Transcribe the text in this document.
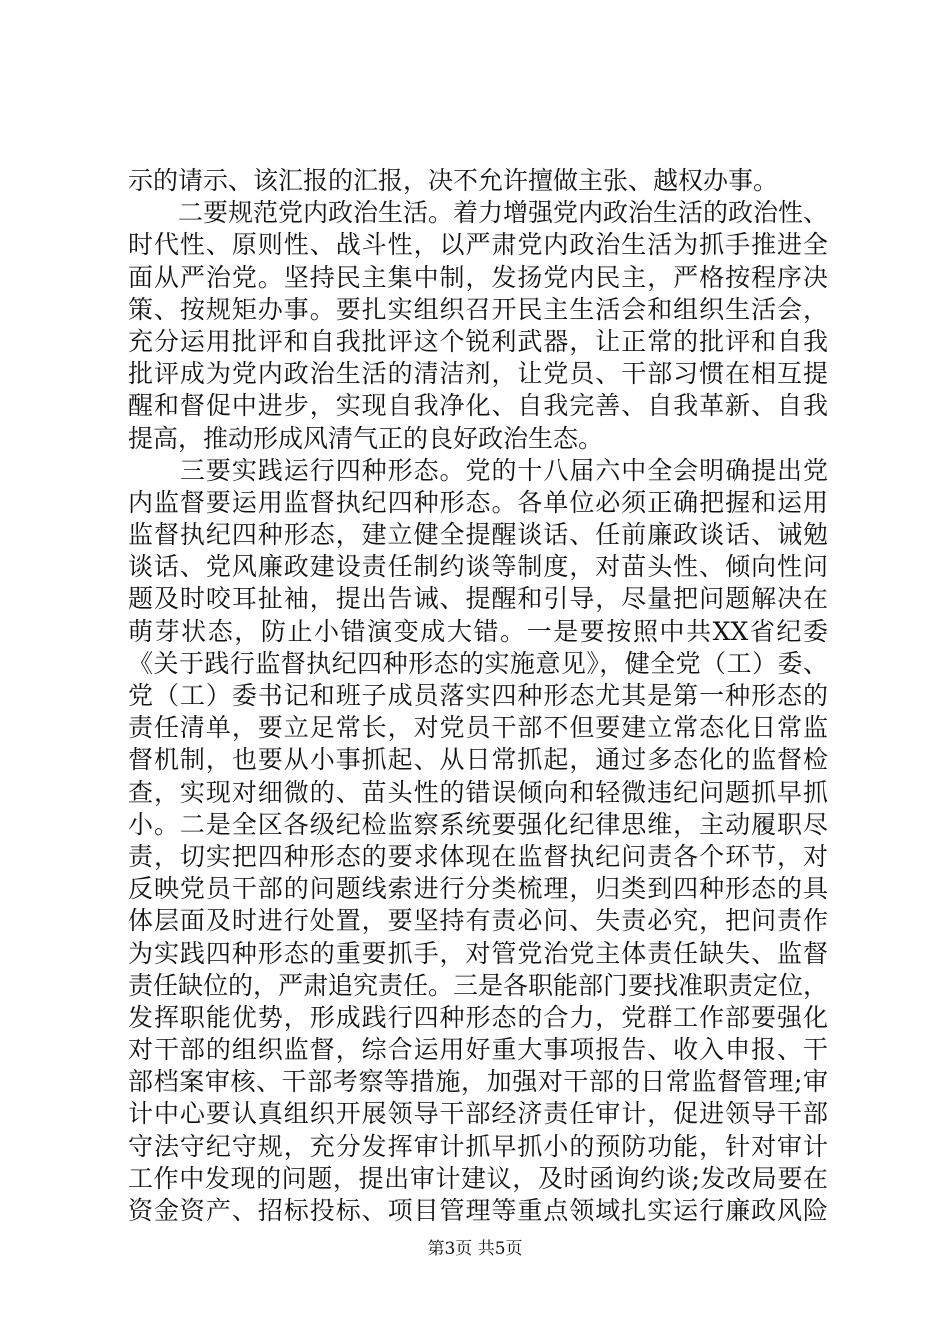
示的请示、该汇报的汇报，决不允许擅做主张、越权办事。
　　二要规范党内政治生活。着力增强党内政治生活的政治性、
时代性、原则性、战斗性，以严肃党内政治生活为抓手推进全
面从严治党。坚持民主集中制，发扬党内民主，严格按程序决
策、按规矩办事。要扎实组织召开民主生活会和组织生活会，
充分运用批评和自我批评这个锐利武器，让正常的批评和自我
批评成为党内政治生活的清洁剂，让党员、干部习惯在相互提
醒和督促中进步，实现自我净化、自我完善、自我革新、自我
提高，推动形成风清气正的良好政治生态。
　　三要实践运行四种形态。党的十八届六中全会明确提出党
内监督要运用监督执纪四种形态。各单位必须正确把握和运用
监督执纪四种形态，建立健全提醒谈话、任前廉政谈话、诫勉
谈话、党风廉政建设责任制约谈等制度，对苗头性、倾向性问
题及时咬耳扯袖，提出告诫、提醒和引导，尽量把问题解决在
萌芽状态，防止小错演变成大错。一是要按照中共XX省纪委
《关于践行监督执纪四种形态的实施意见》，健全党（工）委、
党（工）委书记和班子成员落实四种形态尤其是第一种形态的
责任清单，要立足常长，对党员干部不但要建立常态化日常监
督机制，也要从小事抓起、从日常抓起，通过多态化的监督检
查，实现对细微的、苗头性的错误倾向和轻微违纪问题抓早抓
小。二是全区各级纪检监察系统要强化纪律思维，主动履职尽
责，切实把四种形态的要求体现在监督执纪问责各个环节，对
反映党员干部的问题线索进行分类梳理，归类到四种形态的具
体层面及时进行处置，要坚持有责必问、失责必究，把问责作
为实践四种形态的重要抓手，对管党治党主体责任缺失、监督
责任缺位的，严肃追究责任。三是各职能部门要找准职责定位，
发挥职能优势，形成践行四种形态的合力，党群工作部要强化
对干部的组织监督，综合运用好重大事项报告、收入申报、干
部档案审核、干部考察等措施，加强对干部的日常监督管理;审
计中心要认真组织开展领导干部经济责任审计，促进领导干部
守法守纪守规，充分发挥审计抓早抓小的预防功能，针对审计
工作中发现的问题，提出审计建议，及时函询约谈;发改局要在
资金资产、招标投标、项目管理等重点领域扎实运行廉政风险
第3页 共5页
